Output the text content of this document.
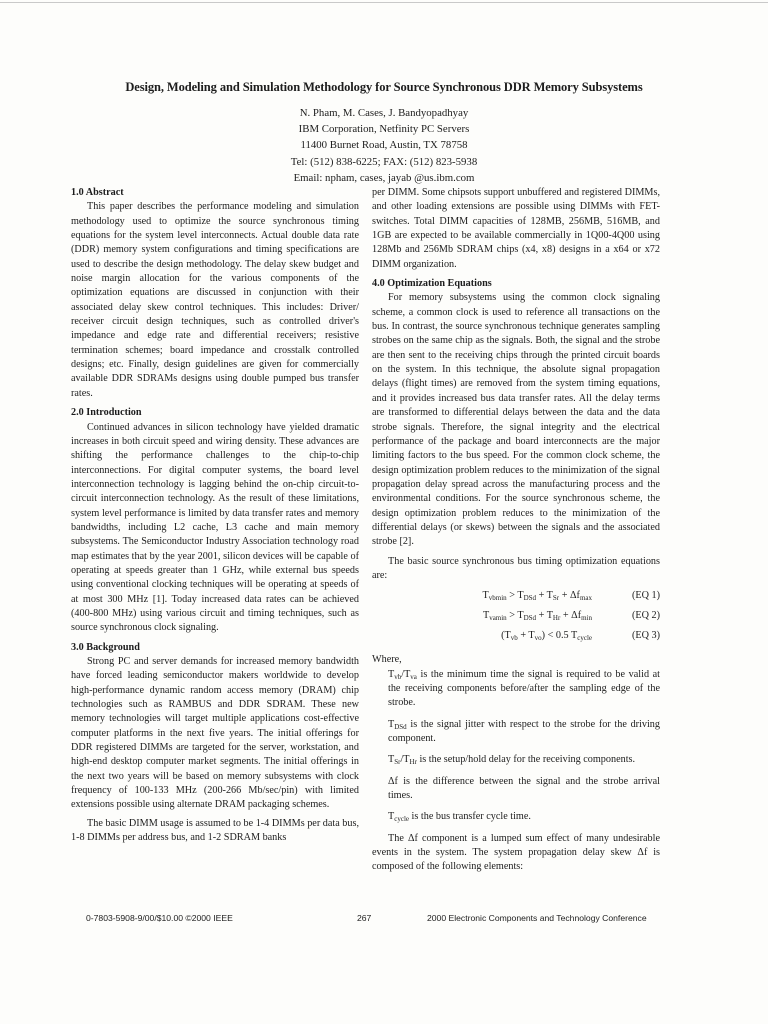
Design, Modeling and Simulation Methodology for Source Synchronous DDR Memory Subsystems
N. Pham, M. Cases, J. Bandyopadhyay
IBM Corporation, Netfinity PC Servers
11400 Burnet Road, Austin, TX 78758
Tel: (512) 838-6225; FAX: (512) 823-5938
Email: npham, cases, jayab @us.ibm.com

1.0 Abstract

This paper describes the performance modeling and simulation methodology used to optimize the source synchronous timing equations for the system level interconnects. Actual double data rate (DDR) memory system configurations and timing specifications are used to describe the design methodology. The delay skew budget and noise margin allocation for the various components of the optimization equations are discussed in conjunction with their associated delay skew control techniques. This includes: Driver/ receiver circuit design techniques, such as controlled driver's impedance and edge rate and differential receivers; resistive termination schemes; board impedance and crosstalk controlled designs; etc. Finally, design guidelines are given for commercially available DDR SDRAMs designs using double pumped bus transfer rates.

2.0 Introduction

Continued advances in silicon technology have yielded dramatic increases in both circuit speed and wiring density. These advances are shifting the performance challenges to the chip-to-chip interconnections. For digital computer systems, the board level interconnection technology is lagging behind the on-chip circuit-to-circuit interconnection technology. As the result of these limitations, system level performance is limited by data transfer rates and memory bandwidths, including L2 cache, L3 cache and main memory subsystems. The Semiconductor Industry Association technology road map estimates that by the year 2001, silicon devices will be capable of operating at speeds greater than 1 GHz, while external bus speeds using conventional clocking techniques will be operating at speeds of at most 300 MHz [1]. Today increased data rates can be achieved (400-800 MHz) using various circuit and timing techniques, such as source synchronous clock signaling.

3.0 Background

Strong PC and server demands for increased memory bandwidth have forced leading semiconductor makers worldwide to develop high-performance dynamic random access memory (DRAM) chip technologies such as RAMBUS and DDR SDRAM. These new memory technologies will target multiple applications cost-effective computer platforms in the next five years. The initial offerings for DDR registered DIMMs are targeted for the server, workstation, and high-end desktop computer market segments. The initial offerings in the next two years will be based on memory subsystems with clock frequency of 100-133 MHz (200-266 Mb/sec/pin) with limited extensions possible using alternate DRAM packaging schemes.

The basic DIMM usage is assumed to be 1-4 DIMMs per data bus, 1-8 DIMMs per address bus, and 1-2 SDRAM banks

per DIMM. Some chipsots support unbuffered and registered DIMMs, and other loading extensions are possible using DIMMs with FET-switches. Total DIMM capacities of 128MB, 256MB, 516MB, and 1GB are expected to be available commercially in 1Q00-4Q00 using 128Mb and 256Mb SDRAM chips (x4, x8) designs in a x64 or x72 DIMM organization.

4.0 Optimization Equations

For memory subsystems using the common clock signaling scheme, a common clock is used to reference all transactions on the bus. In contrast, the source synchronous technique generates sampling strobes on the same chip as the signals. Both, the signal and the strobe are then sent to the receiving chips through the printed circuit boards on the system. In this technique, the absolute signal propagation delays (flight times) are removed from the system timing equations, and it provides increased bus data transfer rates. All the delay terms are transformed to differential delays between the data and the data strobe signals. Therefore, the signal integrity and the electrical performance of the package and board interconnects are the major limiting factors to the bus speed. For the common clock scheme, the design optimization problem reduces to the minimization of the signal propagation delay spread across the manufacturing process and the environmental conditions. For the source synchronous scheme, the design optimization problem reduces to the minimization of the differential delays (or skews) between the signals and the associated strobe [2].

The basic source synchronous bus timing optimization equations are:

$T_{vbmin} > T_{DSd} + T_{Sr} + \Delta f_{max}$	(EQ 1)
$T_{vamin} > T_{DSd} + T_{Hr} + \Delta f_{min}$	(EQ 2)
$(T_{vb} + T_{vo}) < 0.5$ $T_{cycle}$	(EQ 3)

Where,

$T_{vb}/T_{va}$ is the minimum time the signal is required to be valid at the receiving components before/after the sampling edge of the strobe.

$T_{DSd}$ is the signal jitter with respect to the strobe for the driving component.

$T_{Sr}/T_{Hr}$ is the setup/hold delay for the receiving components.

Δf is the difference between the signal and the strobe arrival times.

$T_{cycle}$ is the bus transfer cycle time.

The Δf component is a lumped sum effect of many undesirable events in the system. The system propagation delay skew Δf is composed of the following elements:

0-7803-5908-9/00/$10.00 ©2000 IEEE	267	2000 Electronic Components and Technology Conference
